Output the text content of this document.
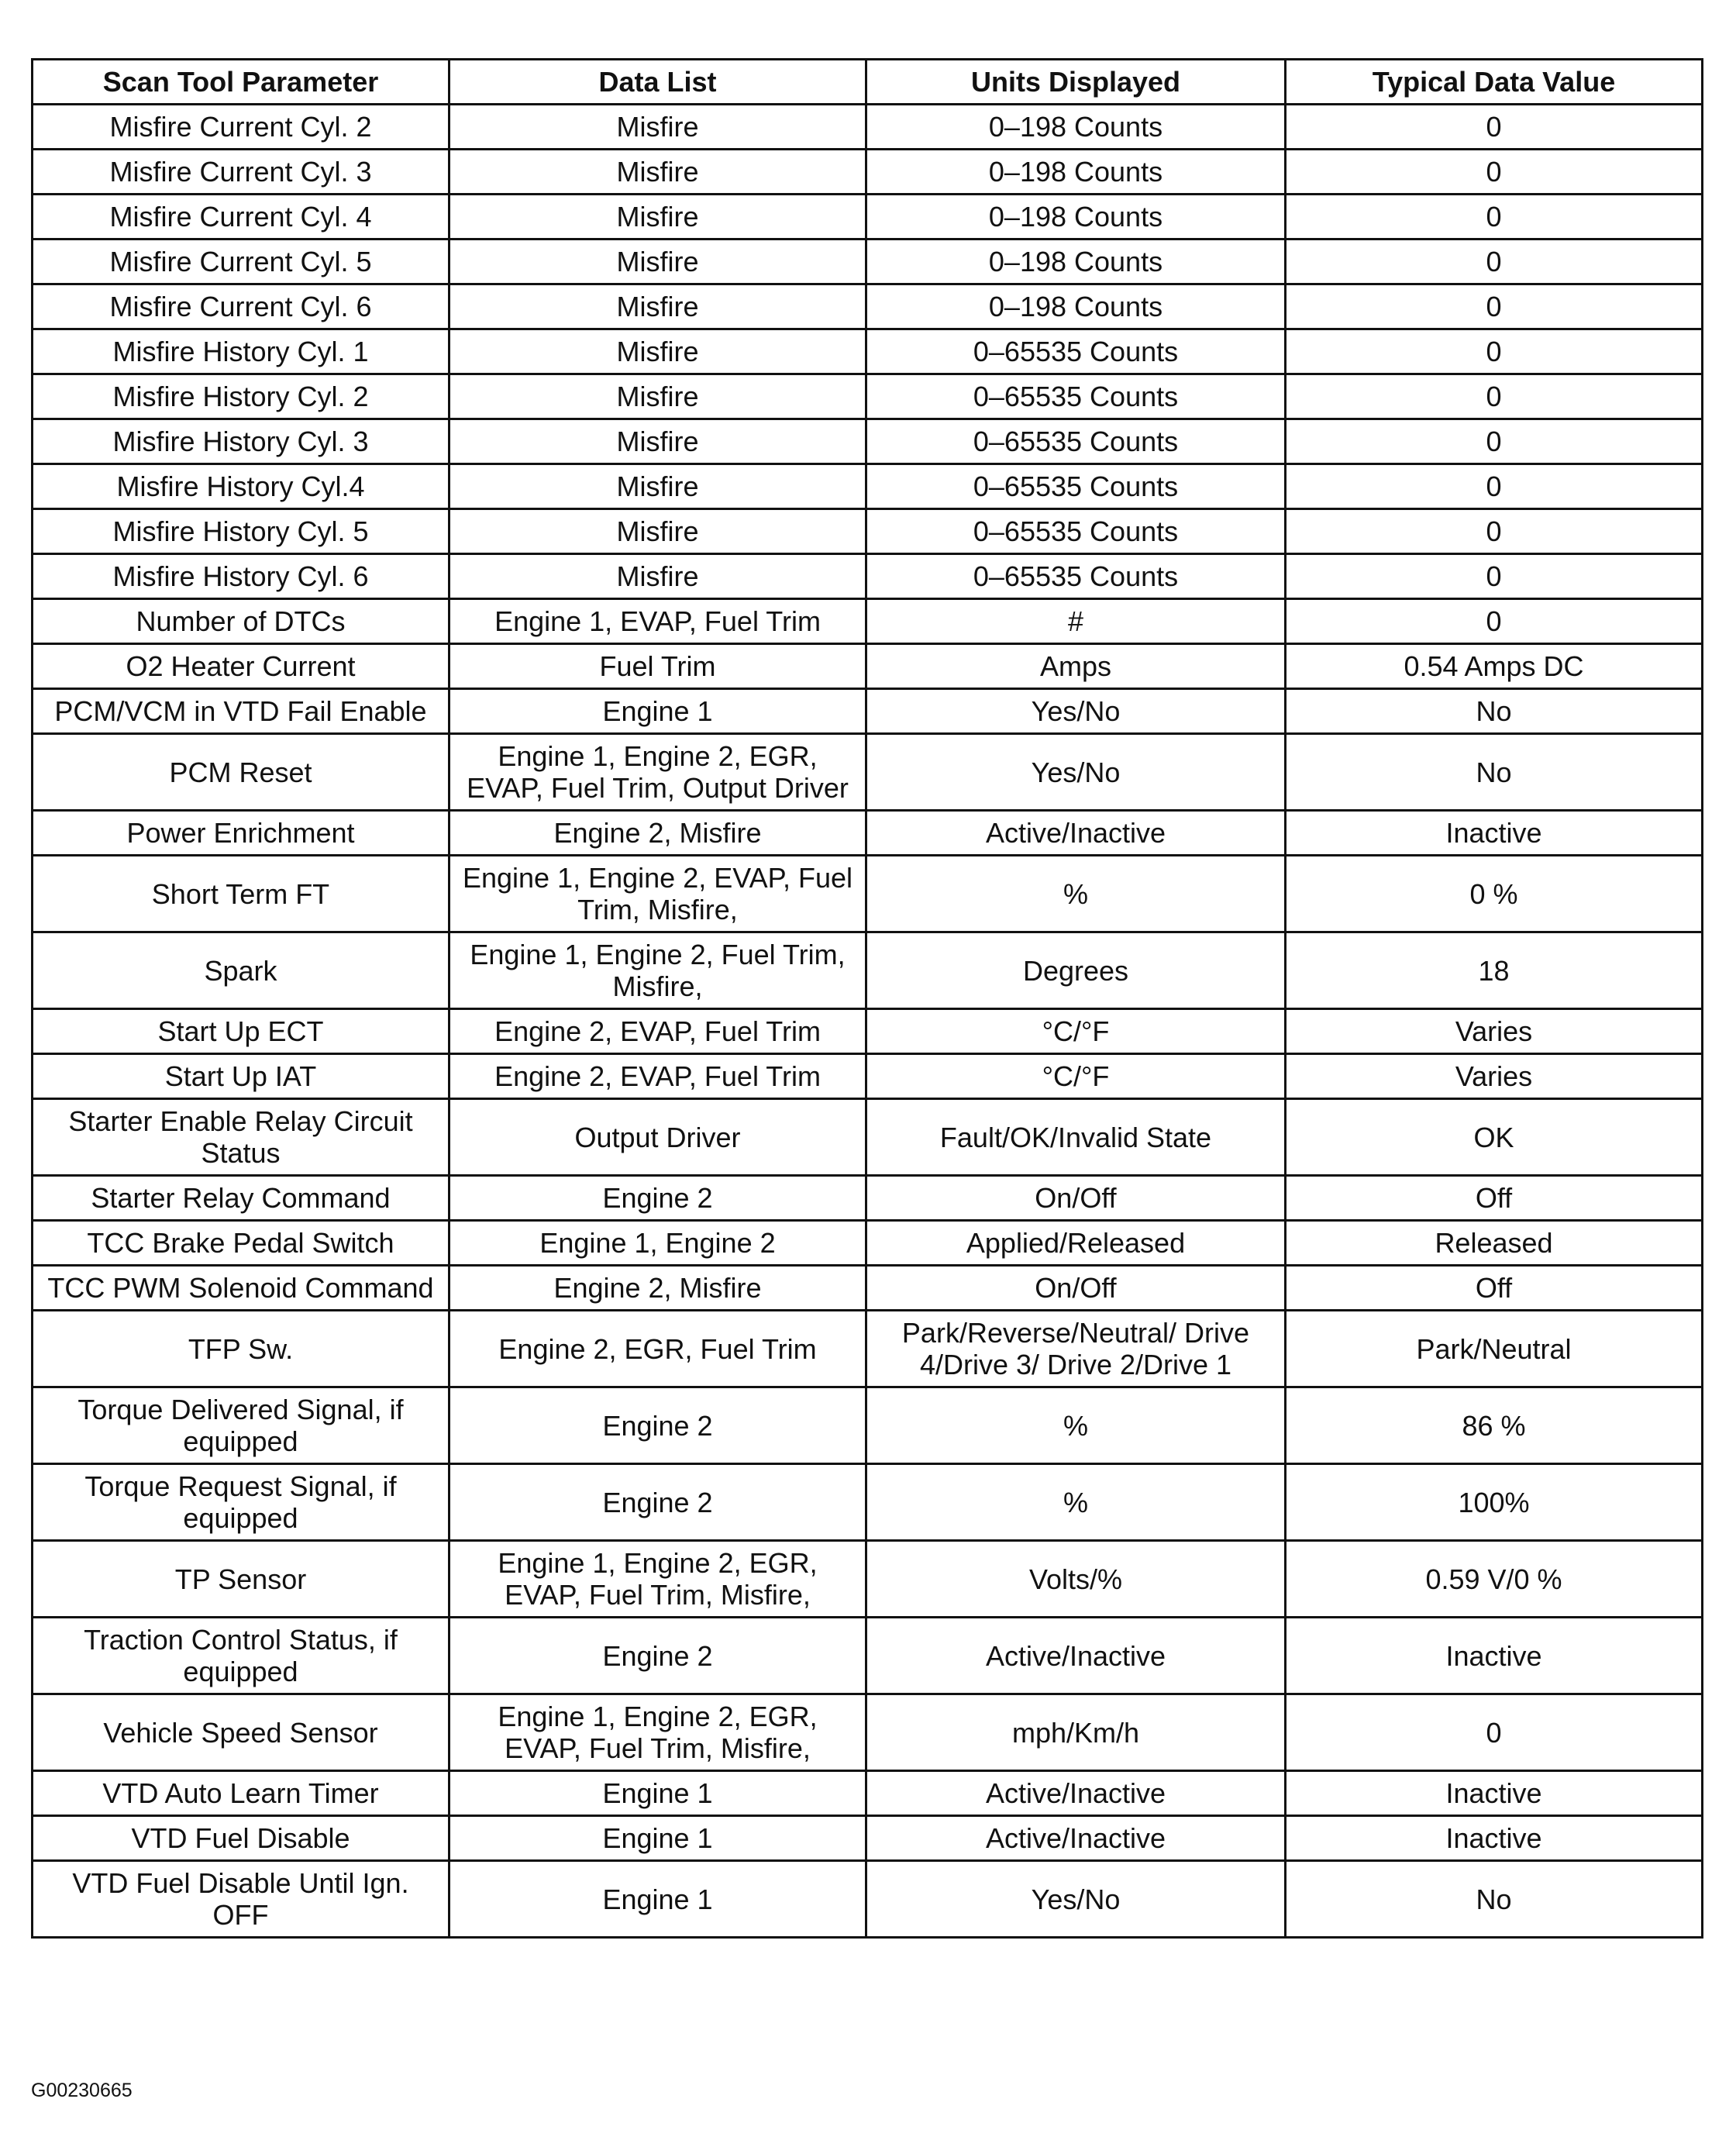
Scan Tool Parameter	Data List	Units Displayed	Typical Data Value
Misfire Current Cyl. 2	Misfire	0–198 Counts	0
Misfire Current Cyl. 3	Misfire	0–198 Counts	0
Misfire Current Cyl. 4	Misfire	0–198 Counts	0
Misfire Current Cyl. 5	Misfire	0–198 Counts	0
Misfire Current Cyl. 6	Misfire	0–198 Counts	0
Misfire History Cyl. 1	Misfire	0–65535 Counts	0
Misfire History Cyl. 2	Misfire	0–65535 Counts	0
Misfire History Cyl. 3	Misfire	0–65535 Counts	0
Misfire History Cyl.4	Misfire	0–65535 Counts	0
Misfire History Cyl. 5	Misfire	0–65535 Counts	0
Misfire History Cyl. 6	Misfire	0–65535 Counts	0
Number of DTCs	Engine 1, EVAP, Fuel Trim	#	0
O2 Heater Current	Fuel Trim	Amps	0.54 Amps DC
PCM/VCM in VTD Fail Enable	Engine 1	Yes/No	No
PCM Reset	Engine 1, Engine 2, EGR, EVAP, Fuel Trim, Output Driver	Yes/No	No
Power Enrichment	Engine 2, Misfire	Active/Inactive	Inactive
Short Term FT	Engine 1, Engine 2, EVAP, Fuel Trim, Misfire,	%	0 %
Spark	Engine 1, Engine 2, Fuel Trim, Misfire,	Degrees	18
Start Up ECT	Engine 2, EVAP, Fuel Trim	°C/°F	Varies
Start Up IAT	Engine 2, EVAP, Fuel Trim	°C/°F	Varies
Starter Enable Relay Circuit Status	Output Driver	Fault/OK/Invalid State	OK
Starter Relay Command	Engine 2	On/Off	Off
TCC Brake Pedal Switch	Engine 1, Engine 2	Applied/Released	Released
TCC PWM Solenoid Command	Engine 2, Misfire	On/Off	Off
TFP Sw.	Engine 2, EGR, Fuel Trim	Park/Reverse/Neutral/ Drive 4/Drive 3/ Drive 2/Drive 1	Park/Neutral
Torque Delivered Signal, if equipped	Engine 2	%	86 %
Torque Request Signal, if equipped	Engine 2	%	100%
TP Sensor	Engine 1, Engine 2, EGR, EVAP, Fuel Trim, Misfire,	Volts/%	0.59 V/0 %
Traction Control Status, if equipped	Engine 2	Active/Inactive	Inactive
Vehicle Speed Sensor	Engine 1, Engine 2, EGR, EVAP, Fuel Trim, Misfire,	mph/Km/h	0
VTD Auto Learn Timer	Engine 1	Active/Inactive	Inactive
VTD Fuel Disable	Engine 1	Active/Inactive	Inactive
VTD Fuel Disable Until Ign. OFF	Engine 1	Yes/No	No
G00230665
